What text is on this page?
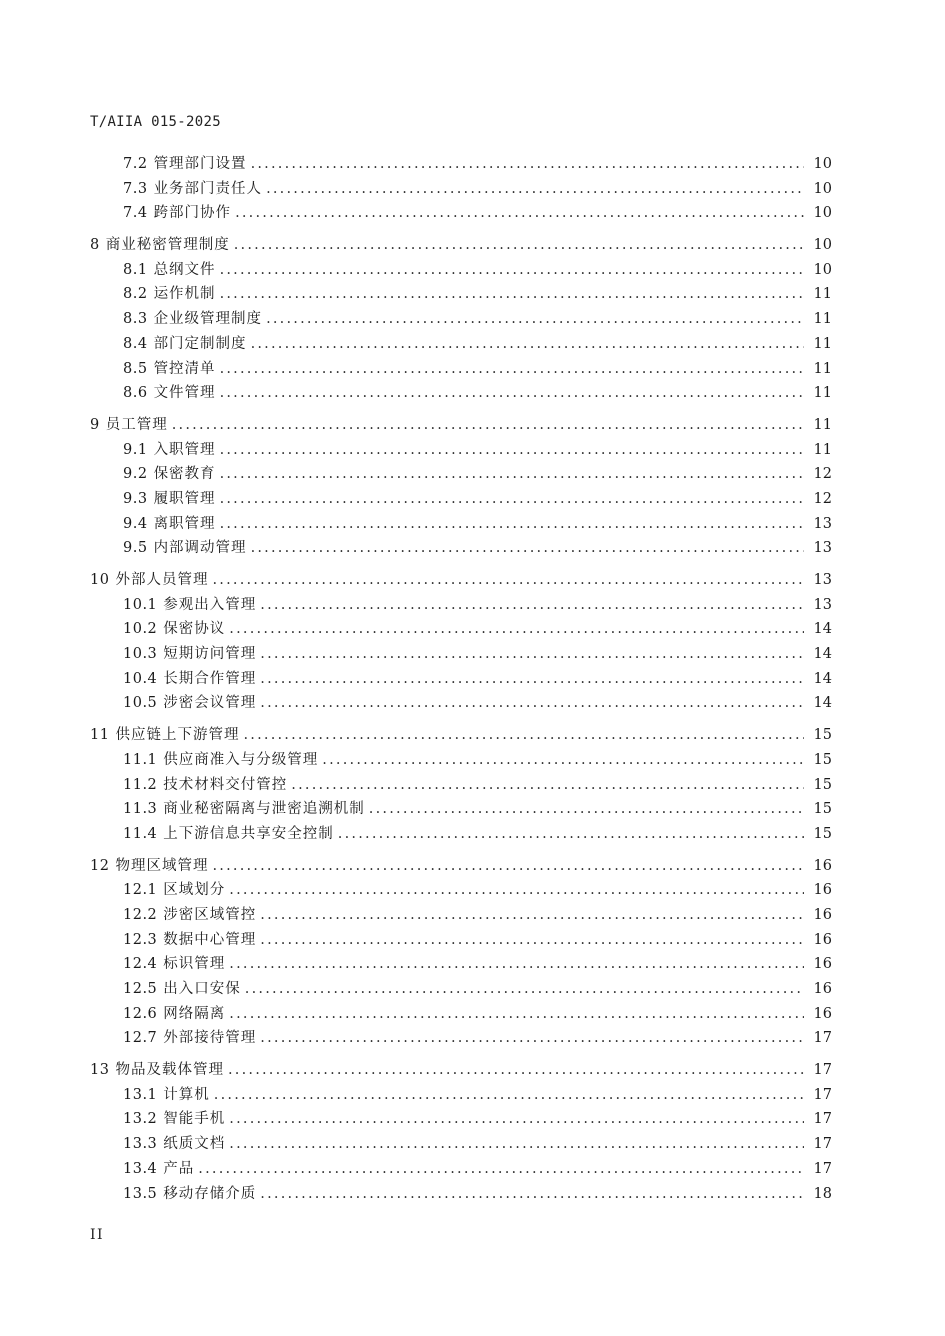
T/AIIA 015-2025
7.2 管理部门设置 .....	10
7.3 业务部门责任人 .....	10
7.4 跨部门协作 .....	10
8 商业秘密管理制度 .....	10
8.1 总纲文件 .....	10
8.2 运作机制 .....	11
8.3 企业级管理制度 .....	11
8.4 部门定制制度 .....	11
8.5 管控清单 .....	11
8.6 文件管理 .....	11
9 员工管理 .....	11
9.1 入职管理 .....	11
9.2 保密教育 .....	12
9.3 履职管理 .....	12
9.4 离职管理 .....	13
9.5 内部调动管理 .....	13
10 外部人员管理 .....	13
10.1 参观出入管理 .....	13
10.2 保密协议 .....	14
10.3 短期访问管理 .....	14
10.4 长期合作管理 .....	14
10.5 涉密会议管理 .....	14
11 供应链上下游管理 .....	15
11.1 供应商准入与分级管理 .....	15
11.2 技术材料交付管控 .....	15
11.3 商业秘密隔离与泄密追溯机制 .....	15
11.4 上下游信息共享安全控制 .....	15
12 物理区域管理 .....	16
12.1 区域划分 .....	16
12.2 涉密区域管控 .....	16
12.3 数据中心管理 .....	16
12.4 标识管理 .....	16
12.5 出入口安保 .....	16
12.6 网络隔离 .....	16
12.7 外部接待管理 .....	17
13 物品及载体管理 .....	17
13.1 计算机 .....	17
13.2 智能手机 .....	17
13.3 纸质文档 .....	17
13.4 产品 .....	17
13.5 移动存储介质 .....	18
II
